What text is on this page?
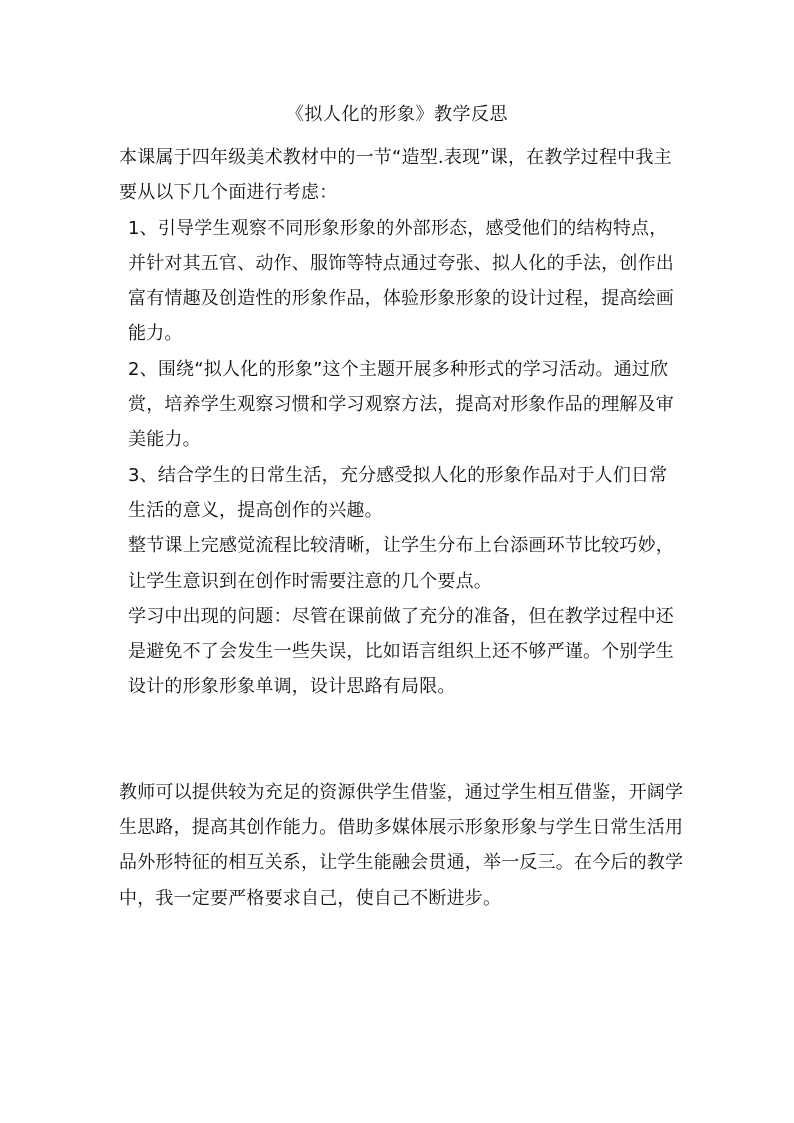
《拟人化的形象》教学反思

本课属于四年级美术教材中的一节“造型.表现”课，在教学过程中我主要从以下几个面进行考虑：

1、引导学生观察不同形象形象的外部形态，感受他们的结构特点，并针对其五官、动作、服饰等特点通过夸张、拟人化的手法，创作出富有情趣及创造性的形象作品，体验形象形象的设计过程，提高绘画能力。

2、围绕“拟人化的形象”这个主题开展多种形式的学习活动。通过欣赏，培养学生观察习惯和学习观察方法，提高对形象作品的理解及审美能力。

3、结合学生的日常生活，充分感受拟人化的形象作品对于人们日常生活的意义，提高创作的兴趣。

整节课上完感觉流程比较清晰，让学生分布上台添画环节比较巧妙，让学生意识到在创作时需要注意的几个要点。

学习中出现的问题：尽管在课前做了充分的准备，但在教学过程中还是避免不了会发生一些失误，比如语言组织上还不够严谨。个别学生设计的形象形象单调，设计思路有局限。

教师可以提供较为充足的资源供学生借鉴，通过学生相互借鉴，开阔学生思路，提高其创作能力。借助多媒体展示形象形象与学生日常生活用品外形特征的相互关系，让学生能融会贯通，举一反三。在今后的教学中，我一定要严格要求自己，使自己不断进步。
